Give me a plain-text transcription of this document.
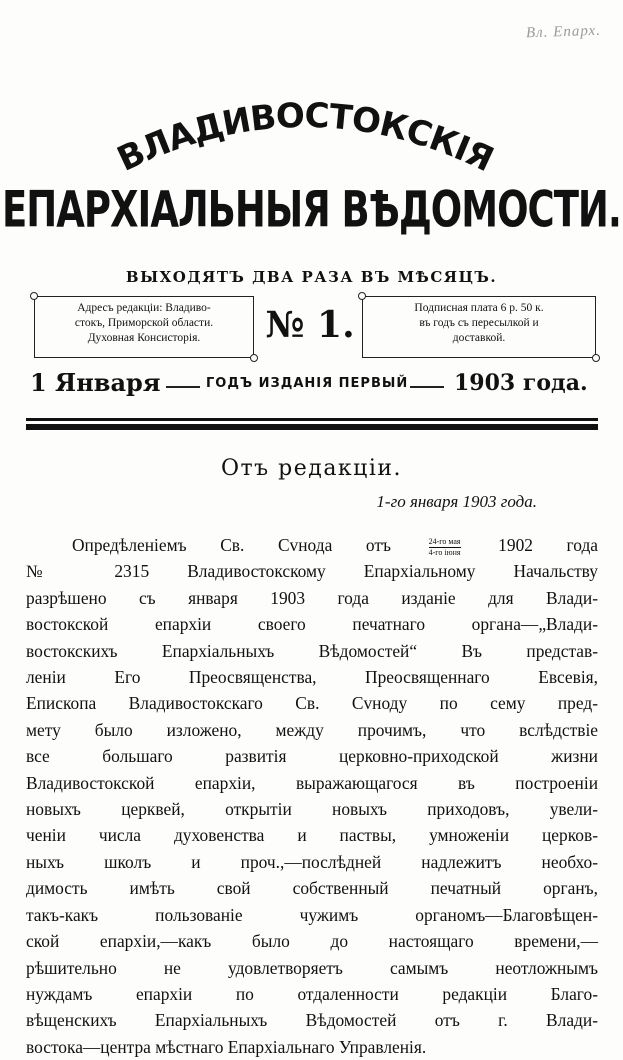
Вл. Епарх.
ВЛАДИВОСТОКСКІЯ
ЕПАРХІАЛЬНЫЯ ВѢДОМОСТИ.
ВЫХОДЯТЪ ДВА РАЗА ВЪ МѢСЯЦЪ.
Адресъ редакціи: Владиво-
стокъ, Приморской области.
Духовная Консисторія.	№ 1.	Подписная плата 6 р. 50 к.
въ годъ съ пересылкой и
доставкой.
1 Января	ГОДЪ ИЗДАНІЯ ПЕРВЫЙ 1903 года.
Отъ редакціи.
1-го января 1903 года.
Опредѣленіемъ Св. Сvнода отъ	$\frac{\text{24-го мая}}{\text{4-го іюня}} 1902$ года
№ 2315 Владивостокскому Епархіальному Начальству
разрѣшено съ января 1903 года изданіе для Влади-
востокской епархіи своего печатнаго органа—„Влади-
востокскихъ Епархіальныхъ Вѣдомостей“ Въ представ-
леніи Его Преосвященства, Преосвященнаго Евсевія,
Епископа Владивостокскаго Св. Сvноду по сему пред-
мету было изложено, между прочимъ, что вслѣдствіе
все большаго развитія церковно-приходской жизни
Владивостокской епархіи, выражающагося въ построеніи
новыхъ церквей, открытіи новыхъ приходовъ, увели-
ченіи числа духовенства и паствы, умноженіи церков-
ныхъ школъ и проч.,—послѣдней надлежитъ необхо-
димость имѣть свой собственный печатный органъ,
такъ-какъ пользованіе чужимъ органомъ—Благовѣщен-
ской епархіи,—какъ было до настоящаго времени,—
рѣшительно не удовлетворяетъ самымъ неотложнымъ
нуждамъ епархіи по отдаленности редакціи Благо-
вѣщенскихъ Епархіальныхъ Вѣдомостей отъ г. Влади-
востока—центра мѣстнаго Епархіальнаго Управленія.
